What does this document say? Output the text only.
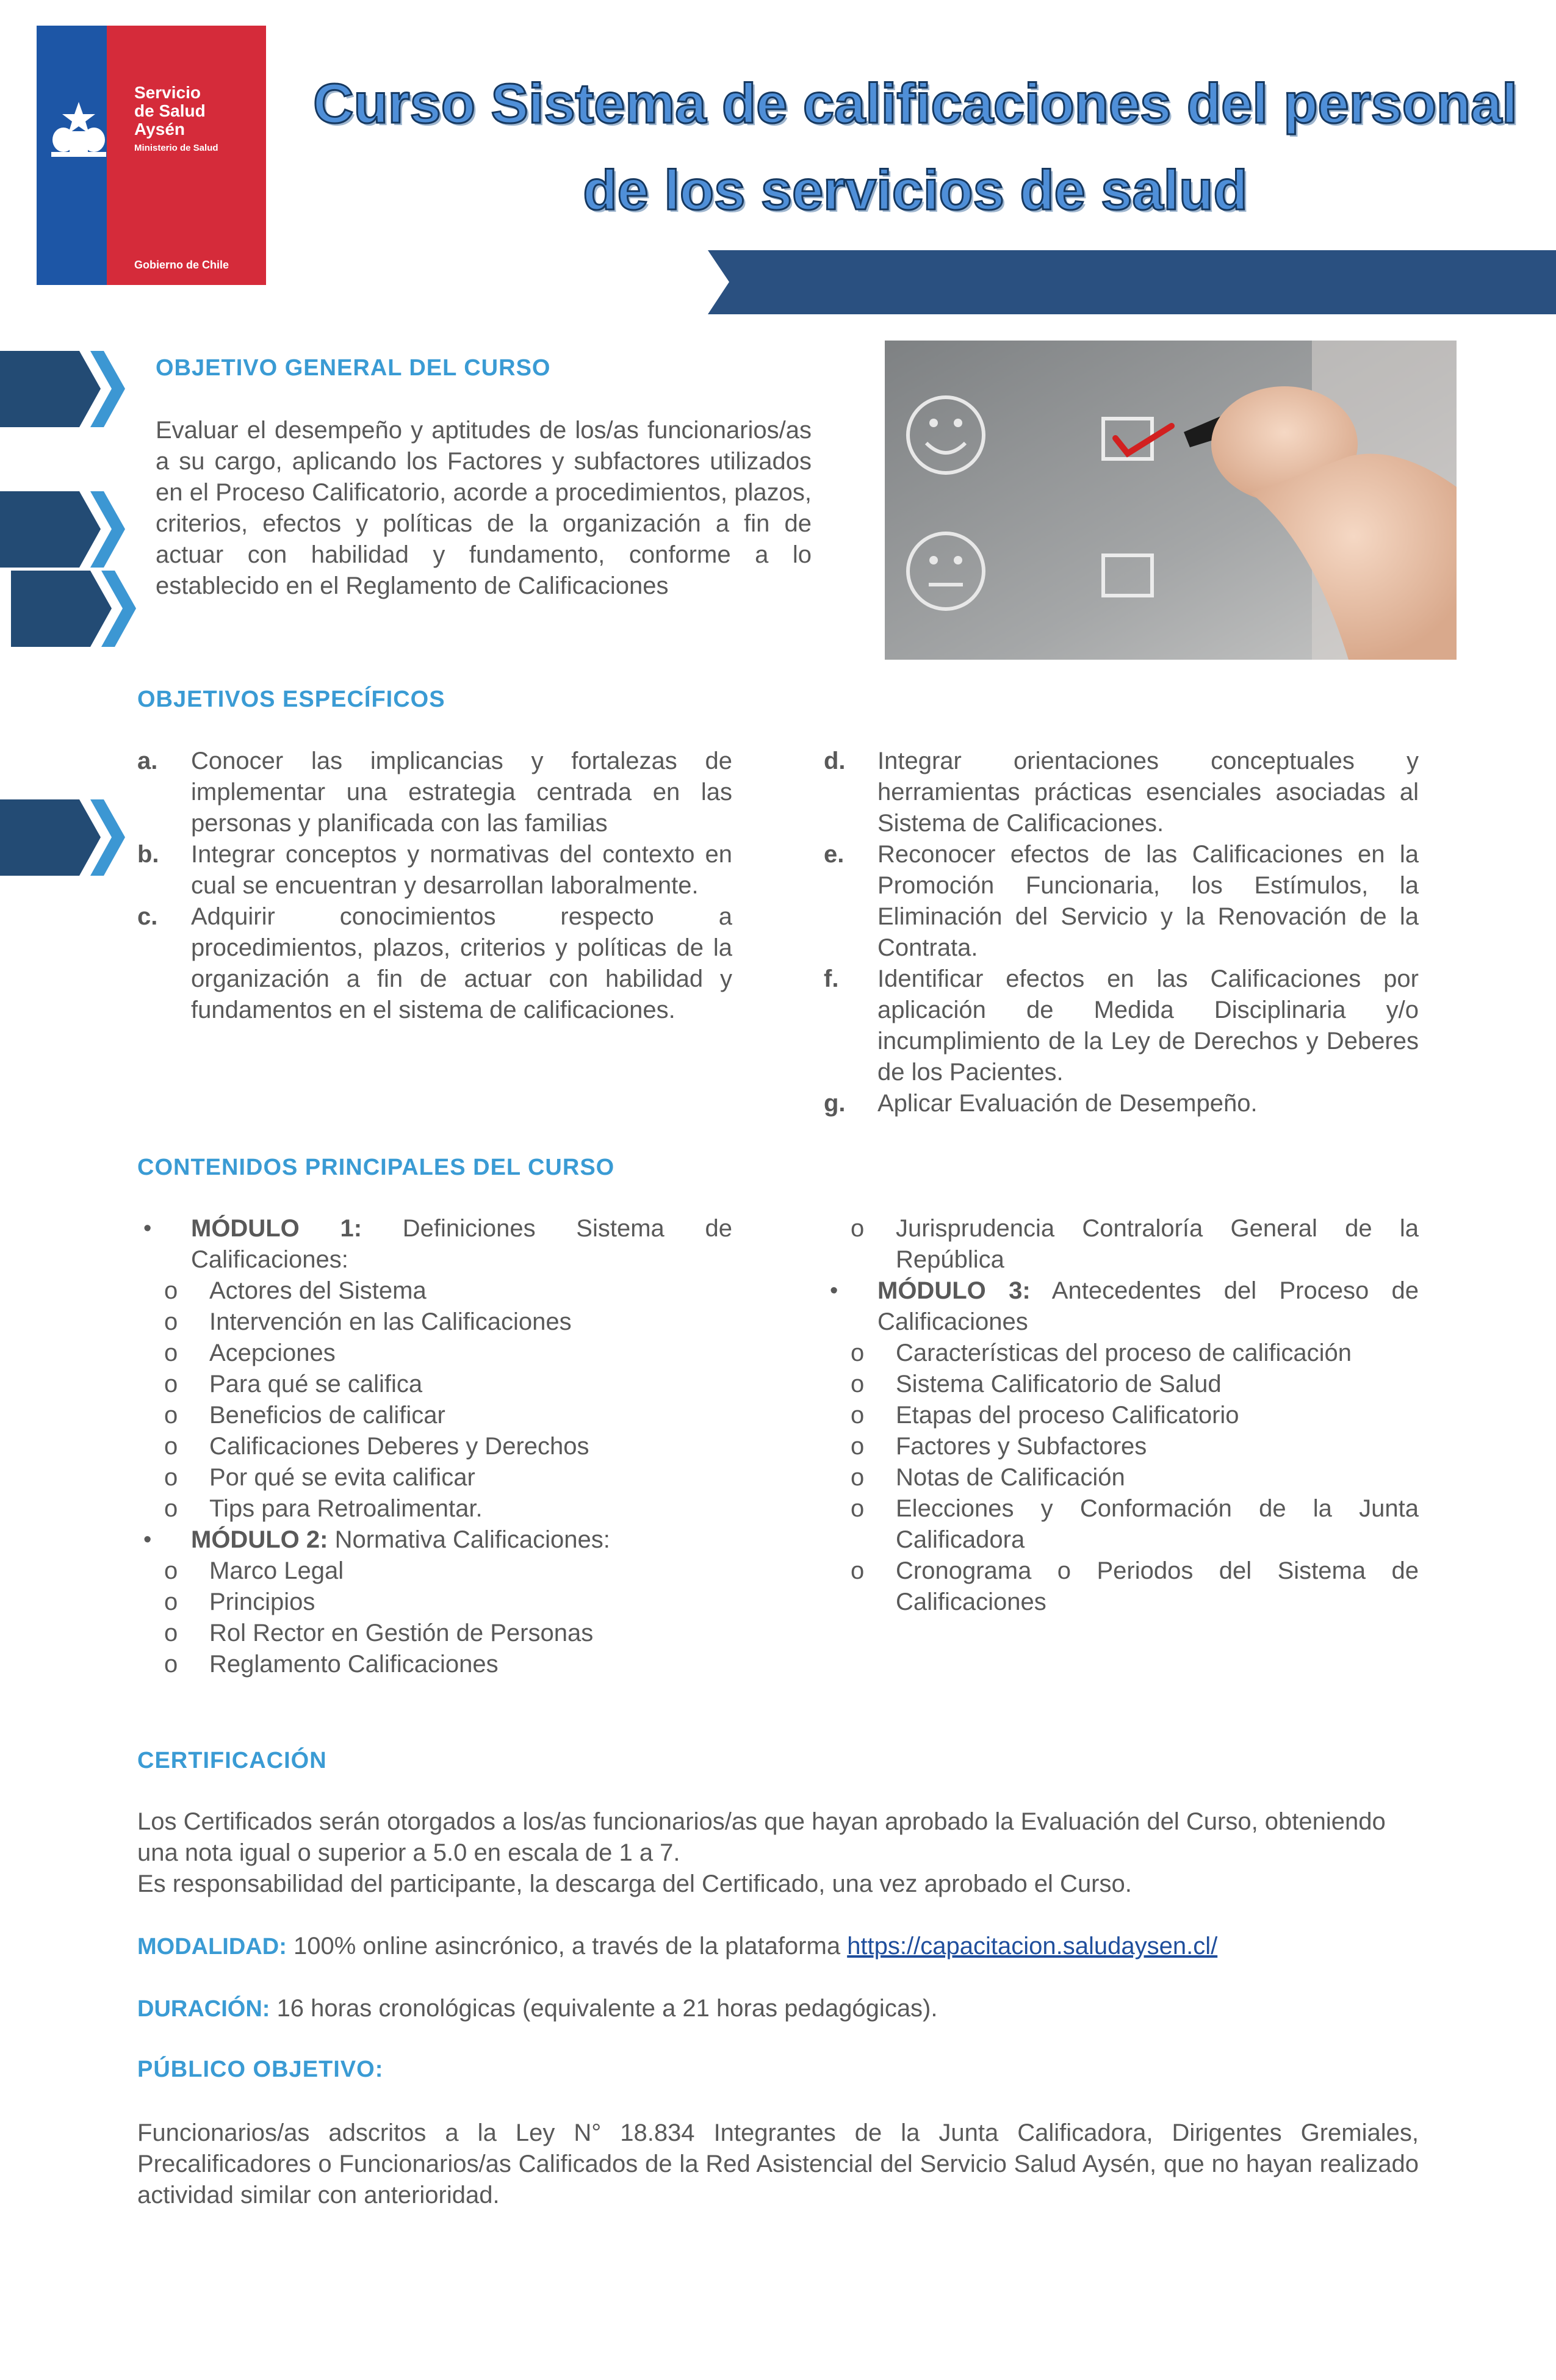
Servicio
de Salud
Aysén
Ministerio de Salud
Gobierno de Chile
Curso Sistema de calificaciones del personal
de los servicios de salud
OBJETIVO GENERAL DEL CURSO
Evaluar el desempeño y aptitudes de los/as funcionarios/as a su cargo, aplicando los Factores y subfactores utilizados en el Proceso Calificatorio, acorde a procedimientos, plazos, criterios, efectos y políticas de la organización a fin de actuar con habilidad y fundamento, conforme a lo establecido en el Reglamento de Calificaciones
OBJETIVOS ESPECÍFICOS
a. Conocer las implicancias y fortalezas de implementar una estrategia centrada en las personas y planificada con las familias
b. Integrar conceptos y normativas del contexto en cual se encuentran y desarrollan laboralmente.
c. Adquirir conocimientos respecto a procedimientos, plazos, criterios y políticas de la organización a fin de actuar con habilidad y fundamentos en el sistema de calificaciones.
d. Integrar orientaciones conceptuales y herramientas prácticas esenciales asociadas al Sistema de Calificaciones.
e. Reconocer efectos de las Calificaciones en la Promoción Funcionaria, los Estímulos, la Eliminación del Servicio y la Renovación de la Contrata.
f. Identificar efectos en las Calificaciones por aplicación de Medida Disciplinaria y/o incumplimiento de la Ley de Derechos y Deberes de los Pacientes.
g. Aplicar Evaluación de Desempeño.
CONTENIDOS PRINCIPALES DEL CURSO
• MÓDULO 1: Definiciones Sistema de Calificaciones:
o Actores del Sistema
o Intervención en las Calificaciones
o Acepciones
o Para qué se califica
o Beneficios de calificar
o Calificaciones Deberes y Derechos
o Por qué se evita calificar
o Tips para Retroalimentar.
• MÓDULO 2: Normativa Calificaciones:
o Marco Legal
o Principios
o Rol Rector en Gestión de Personas
o Reglamento Calificaciones
o Jurisprudencia Contraloría General de la República
• MÓDULO 3: Antecedentes del Proceso de Calificaciones
o Características del proceso de calificación
o Sistema Calificatorio de Salud
o Etapas del proceso Calificatorio
o Factores y Subfactores
o Notas de Calificación
o Elecciones y Conformación de la Junta Calificadora
o Cronograma o Periodos del Sistema de Calificaciones
CERTIFICACIÓN
Los Certificados serán otorgados a los/as funcionarios/as que hayan aprobado la Evaluación del Curso, obteniendo una nota igual o superior a 5.0 en escala de 1 a 7.
Es responsabilidad del participante, la descarga del Certificado, una vez aprobado el Curso.
MODALIDAD: 100% online asincrónico, a través de la plataforma https://capacitacion.saludaysen.cl/
DURACIÓN: 16 horas cronológicas (equivalente a 21 horas pedagógicas).
PÚBLICO OBJETIVO:
Funcionarios/as adscritos a la Ley N° 18.834 Integrantes de la Junta Calificadora, Dirigentes Gremiales, Precalificadores o Funcionarios/as Calificados de la Red Asistencial del Servicio Salud Aysén, que no hayan realizado actividad similar con anterioridad.
